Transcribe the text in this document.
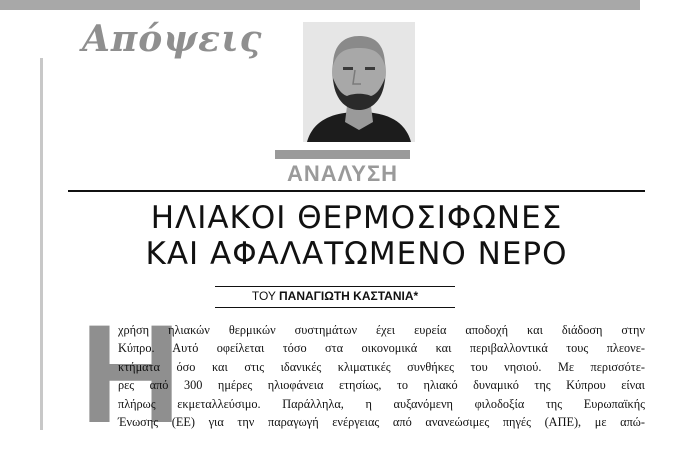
Απόψεις
ΑΝΑΛΥΣΗ
ΗΛΙΑΚΟΙ ΘΕΡΜΟΣΙΦΩΝΕΣ
ΚΑΙ ΑΦΑΛΑΤΩΜΕΝΟ ΝΕΡΟ
ΤΟΥ ΠΑΝΑΓΙΩΤΗ ΚΑΣΤΑΝΙΑ*
Η
χρήση ηλιακών θερμικών συστημάτων έχει ευρεία αποδοχή και διάδοση στην
Κύπρο. Αυτό οφείλεται τόσο στα οικονομικά και περιβαλλοντικά τους πλεονε-
κτήματα όσο και στις ιδανικές κλιματικές συνθήκες του νησιού. Με περισσότε-
ρες από 300 ημέρες ηλιοφάνεια ετησίως, το ηλιακό δυναμικό της Κύπρου είναι
πλήρως εκμεταλλεύσιμο. Παράλληλα, η αυξανόμενη φιλοδοξία της Ευρωπαϊκής
Ένωσης (ΕΕ) για την παραγωγή ενέργειας από ανανεώσιμες πηγές (ΑΠΕ), με απώ-
